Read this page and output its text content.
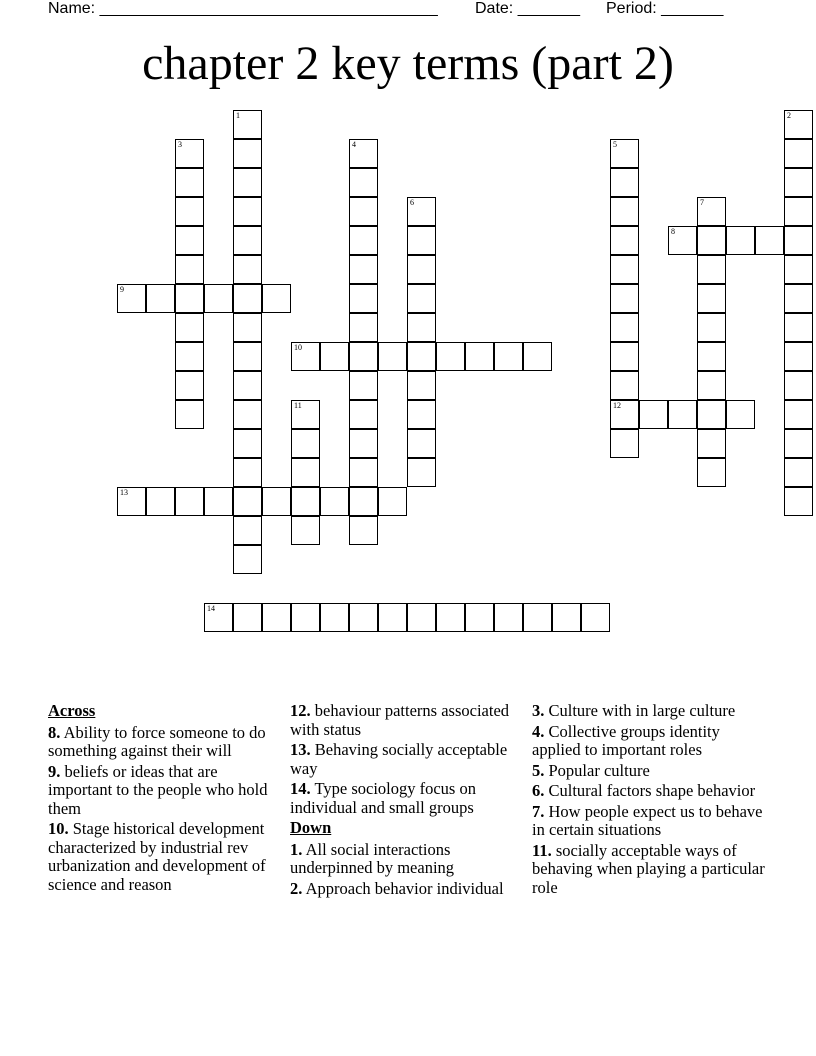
Name: ______________________________________ Date: _______ Period: _______
chapter 2 key terms (part 2)
1	2
3	4	5
12
6	7
8
9
10
11
13
14
Across
8. Ability to force someone to do something against their will
9. beliefs or ideas that are important to the people who hold them
10. Stage historical development characterized by industrial rev urbanization and development of science and reason
12. behaviour patterns associated with status
13. Behaving socially acceptable way
14. Type sociology focus on individual and small groups
Down
1. All social interactions underpinned by meaning
2. Approach behavior individual
3. Culture with in large culture
4. Collective groups identity applied to important roles
5. Popular culture
6. Cultural factors shape behavior
7. How people expect us to behave in certain situations
11. socially acceptable ways of behaving when playing a particular role
